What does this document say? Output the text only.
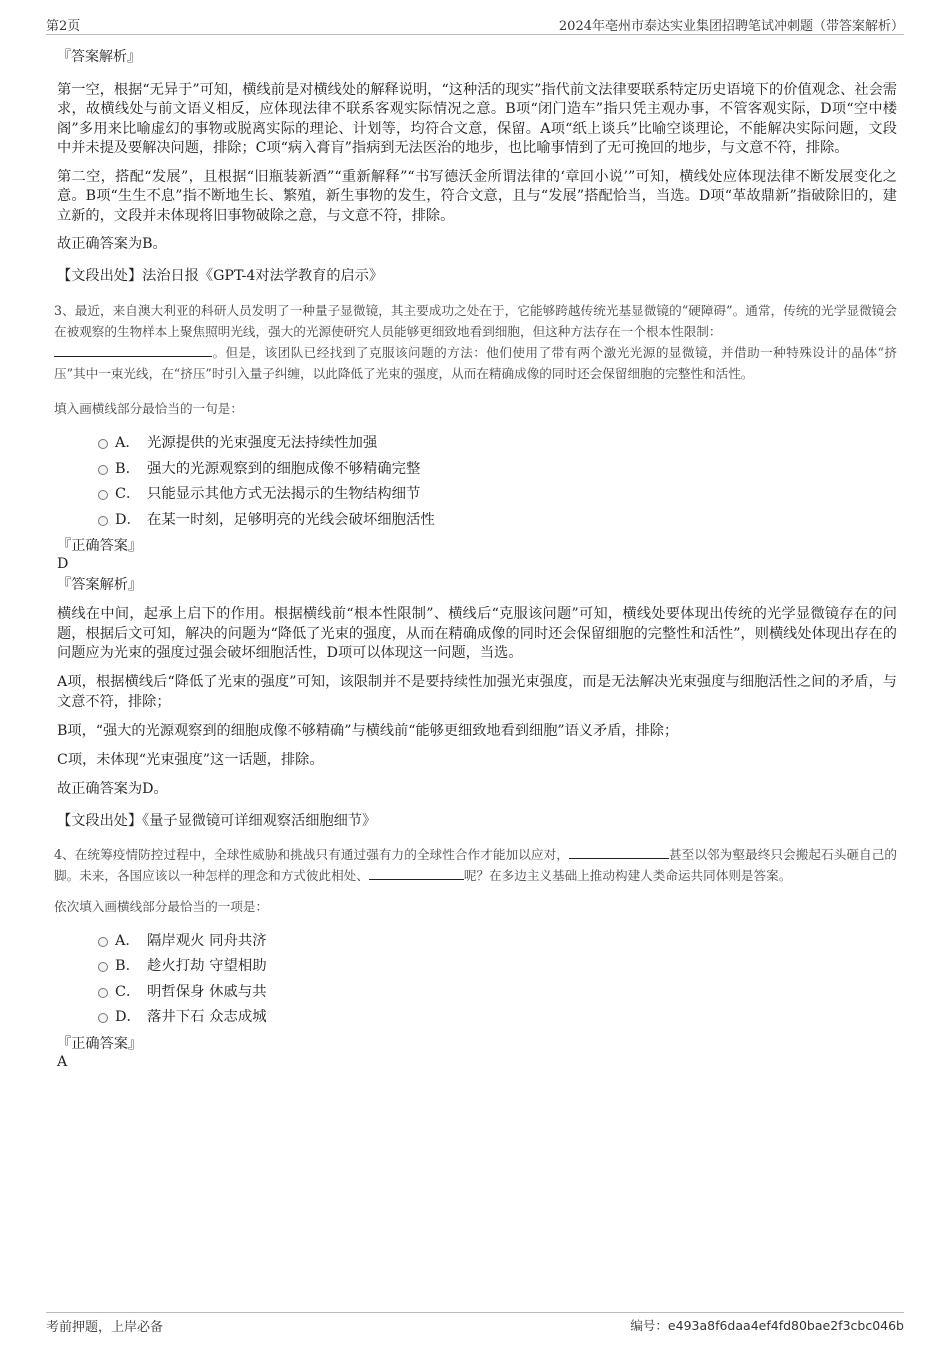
第2页	2024年亳州市泰达实业集团招聘笔试冲刺题（带答案解析）

『答案解析』

第一空，根据“无异于”可知，横线前是对横线处的解释说明，“这种活的现实”指代前文法律要联系特定历史语境下的价值观念、社会需求，故横线处与前文语义相反，应体现法律不联系客观实际情况之意。B项“闭门造车”指只凭主观办事，不管客观实际，D项“空中楼阁”多用来比喻虚幻的事物或脱离实际的理论、计划等，均符合文意，保留。A项“纸上谈兵”比喻空谈理论，不能解决实际问题，文段中并未提及要解决问题，排除；C项“病入膏肓”指病到无法医治的地步，也比喻事情到了无可挽回的地步，与文意不符，排除。

第二空，搭配“发展”，且根据“旧瓶装新酒”“重新解释”“书写德沃金所谓法律的‘章回小说’”可知，横线处应体现法律不断发展变化之意。B项“生生不息”指不断地生长、繁殖，新生事物的发生，符合文意，且与“发展”搭配恰当，当选。D项“革故鼎新”指破除旧的，建立新的，文段并未体现将旧事物破除之意，与文意不符，排除。

故正确答案为B。

【文段出处】法治日报《GPT-4对法学教育的启示》

3、最近，来自澳大利亚的科研人员发明了一种量子显微镜，其主要成功之处在于，它能够跨越传统光基显微镜的“硬障碍”。通常，传统的光学显微镜会在被观察的生物样本上聚焦照明光线，强大的光源使研究人员能够更细致地看到细胞，但这种方法存在一个根本性限制：
。但是，该团队已经找到了克服该问题的方法：他们使用了带有两个激光光源的显微镜，并借助一种特殊设计的晶体“挤压”其中一束光线，在“挤压”时引入量子纠缠，以此降低了光束的强度，从而在精确成像的同时还会保留细胞的完整性和活性。

填入画横线部分最恰当的一句是：

A． 光源提供的光束强度无法持续性加强
B． 强大的光源观察到的细胞成像不够精确完整
C． 只能显示其他方式无法揭示的生物结构细节
D． 在某一时刻，足够明亮的光线会破坏细胞活性

『正确答案』

D

『答案解析』

横线在中间，起承上启下的作用。根据横线前“根本性限制”、横线后“克服该问题”可知，横线处要体现出传统的光学显微镜存在的问题，根据后文可知，解决的问题为“降低了光束的强度，从而在精确成像的同时还会保留细胞的完整性和活性”，则横线处体现出存在的问题应为光束的强度过强会破坏细胞活性，D项可以体现这一问题，当选。

A项，根据横线后“降低了光束的强度”可知，该限制并不是要持续性加强光束强度，而是无法解决光束强度与细胞活性之间的矛盾，与文意不符，排除；

B项，“强大的光源观察到的细胞成像不够精确”与横线前“能够更细致地看到细胞”语义矛盾，排除；

C项，未体现“光束强度”这一话题，排除。

故正确答案为D。

【文段出处】《量子显微镜可详细观察活细胞细节》

4、在统筹疫情防控过程中，全球性威胁和挑战只有通过强有力的全球性合作才能加以应对，	甚至以邻为壑最终只会搬起石头砸自己的脚。未来，各国应该以一种怎样的理念和方式彼此相处、	呢？在多边主义基础上推动构建人类命运共同体则是答案。

依次填入画横线部分最恰当的一项是：

A． 隔岸观火 同舟共济
B． 趁火打劫 守望相助
C． 明哲保身 休戚与共
D． 落井下石 众志成城

『正确答案』

A

考前押题，上岸必备	编号：e493a8f6daa4ef4fd80bae2f3cbc046b
